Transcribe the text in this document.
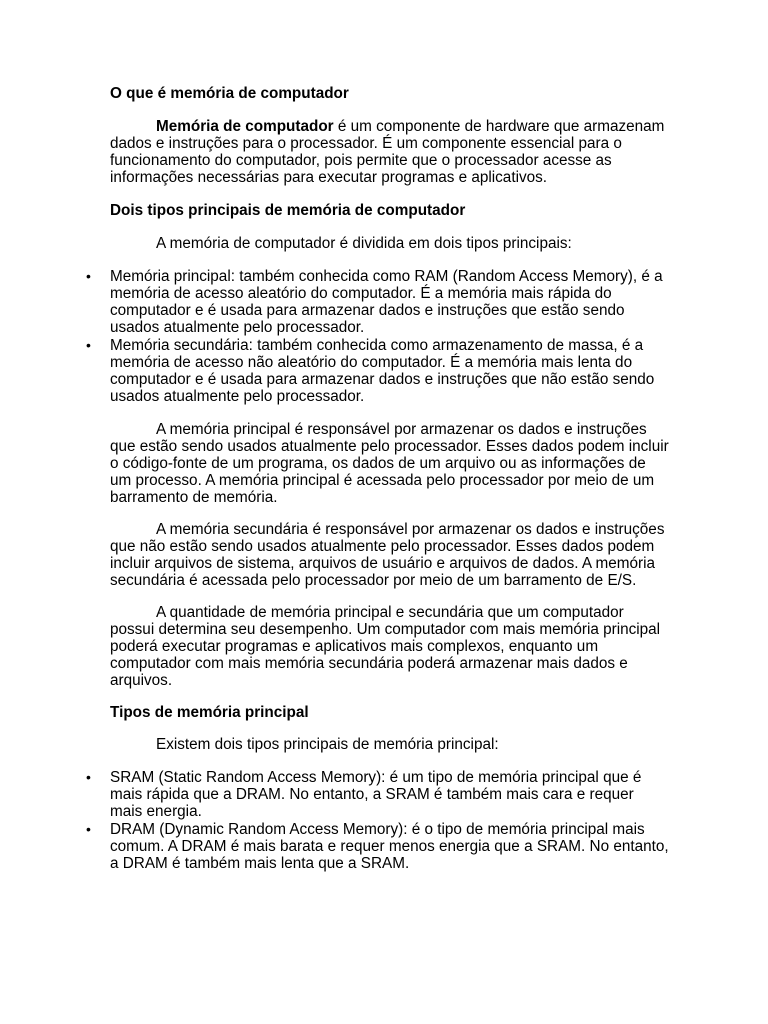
O que é memória de computador

Memória de computador é um componente de hardware que armazenam dados e instruções para o processador. É um componente essencial para o funcionamento do computador, pois permite que o processador acesse as informações necessárias para executar programas e aplicativos.

Dois tipos principais de memória de computador

A memória de computador é dividida em dois tipos principais:

• Memória principal: também conhecida como RAM (Random Access Memory), é a memória de acesso aleatório do computador. É a memória mais rápida do computador e é usada para armazenar dados e instruções que estão sendo usados atualmente pelo processador.
• Memória secundária: também conhecida como armazenamento de massa, é a memória de acesso não aleatório do computador. É a memória mais lenta do computador e é usada para armazenar dados e instruções que não estão sendo usados atualmente pelo processador.

A memória principal é responsável por armazenar os dados e instruções que estão sendo usados atualmente pelo processador. Esses dados podem incluir o código-fonte de um programa, os dados de um arquivo ou as informações de um processo. A memória principal é acessada pelo processador por meio de um barramento de memória.

A memória secundária é responsável por armazenar os dados e instruções que não estão sendo usados atualmente pelo processador. Esses dados podem incluir arquivos de sistema, arquivos de usuário e arquivos de dados. A memória secundária é acessada pelo processador por meio de um barramento de E/S.

A quantidade de memória principal e secundária que um computador possui determina seu desempenho. Um computador com mais memória principal poderá executar programas e aplicativos mais complexos, enquanto um computador com mais memória secundária poderá armazenar mais dados e arquivos.

Tipos de memória principal

Existem dois tipos principais de memória principal:

• SRAM (Static Random Access Memory): é um tipo de memória principal que é mais rápida que a DRAM. No entanto, a SRAM é também mais cara e requer mais energia.
• DRAM (Dynamic Random Access Memory): é o tipo de memória principal mais comum. A DRAM é mais barata e requer menos energia que a SRAM. No entanto, a DRAM é também mais lenta que a SRAM.
